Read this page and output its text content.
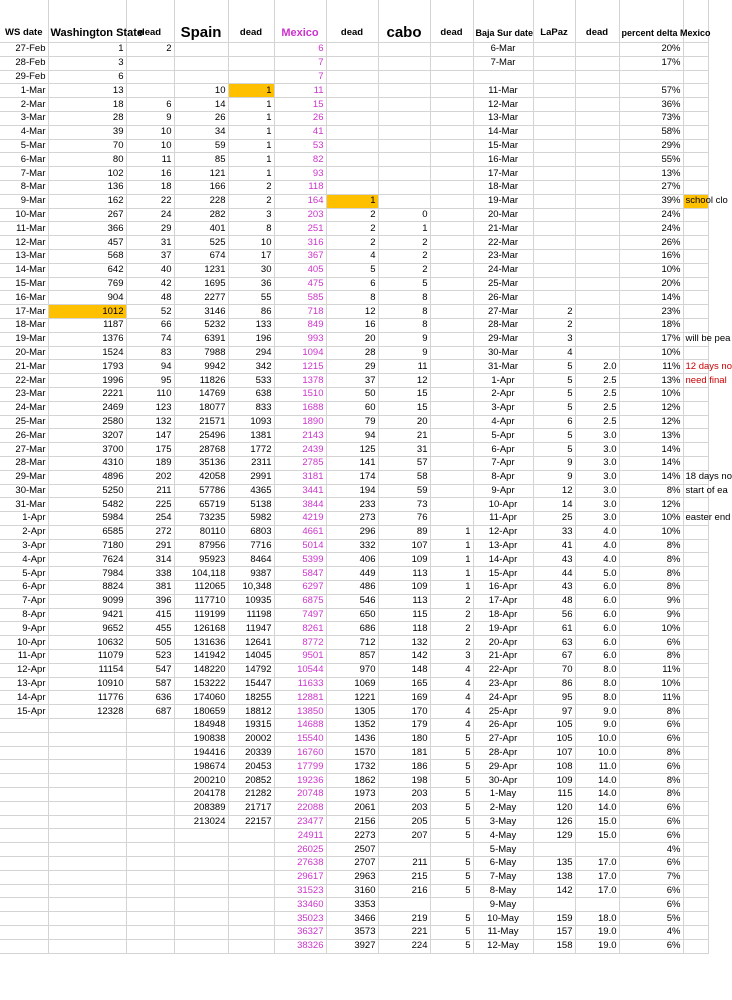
WS date	Washington State	dead	Spain	dead	Mexico	dead	cabo	dead	Baja Sur date	LaPaz	dead	percent delta Mexico	
27-Feb	1	2			6				6-Mar			20%	
28-Feb	3				7				7-Mar			17%	
29-Feb	6				7								
1-Mar	13		10	1	11				11-Mar			57%	
2-Mar	18	6	14	1	15				12-Mar			36%	
3-Mar	28	9	26	1	26				13-Mar			73%	
4-Mar	39	10	34	1	41				14-Mar			58%	
5-Mar	70	10	59	1	53				15-Mar			29%	
6-Mar	80	11	85	1	82				16-Mar			55%	
7-Mar	102	16	121	1	93				17-Mar			13%	
8-Mar	136	18	166	2	118				18-Mar			27%	
9-Mar	162	22	228	2	164	1			19-Mar			39%	school clo
10-Mar	267	24	282	3	203	2	0		20-Mar			24%	
11-Mar	366	29	401	8	251	2	1		21-Mar			24%	
12-Mar	457	31	525	10	316	2	2		22-Mar			26%	
13-Mar	568	37	674	17	367	4	2		23-Mar			16%	
14-Mar	642	40	1231	30	405	5	2		24-Mar			10%	
15-Mar	769	42	1695	36	475	6	5		25-Mar			20%	
16-Mar	904	48	2277	55	585	8	8		26-Mar			14%	
17-Mar	1012	52	3146	86	718	12	8		27-Mar	2		23%	
18-Mar	1187	66	5232	133	849	16	8		28-Mar	2		18%	
19-Mar	1376	74	6391	196	993	20	9		29-Mar	3		17%	will be pea
20-Mar	1524	83	7988	294	1094	28	9		30-Mar	4		10%	
21-Mar	1793	94	9942	342	1215	29	11		31-Mar	5	2.0	11%	12 days no
22-Mar	1996	95	11826	533	1378	37	12		1-Apr	5	2.5	13%	need final
23-Mar	2221	110	14769	638	1510	50	15		2-Apr	5	2.5	10%	
24-Mar	2469	123	18077	833	1688	60	15		3-Apr	5	2.5	12%	
25-Mar	2580	132	21571	1093	1890	79	20		4-Apr	6	2.5	12%	
26-Mar	3207	147	25496	1381	2143	94	21		5-Apr	5	3.0	13%	
27-Mar	3700	175	28768	1772	2439	125	31		6-Apr	5	3.0	14%	
28-Mar	4310	189	35136	2311	2785	141	57		7-Apr	9	3.0	14%	
29-Mar	4896	202	42058	2991	3181	174	58		8-Apr	9	3.0	14%	18 days no
30-Mar	5250	211	57786	4365	3441	194	59		9-Apr	12	3.0	8%	start of ea
31-Mar	5482	225	65719	5138	3844	233	73		10-Apr	14	3.0	12%	
1-Apr	5984	254	73235	5982	4219	273	76		11-Apr	25	3.0	10%	easter end
2-Apr	6585	272	80110	6803	4661	296	89	1	12-Apr	33	4.0	10%	
3-Apr	7180	291	87956	7716	5014	332	107	1	13-Apr	41	4.0	8%	
4-Apr	7624	314	95923	8464	5399	406	109	1	14-Apr	43	4.0	8%	
5-Apr	7984	338	104,118	9387	5847	449	113	1	15-Apr	44	5.0	8%	
6-Apr	8824	381	112065	10,348	6297	486	109	1	16-Apr	43	6.0	8%	
7-Apr	9099	396	117710	10935	6875	546	113	2	17-Apr	48	6.0	9%	
8-Apr	9421	415	119199	11198	7497	650	115	2	18-Apr	56	6.0	9%	
9-Apr	9652	455	126168	11947	8261	686	118	2	19-Apr	61	6.0	10%	
10-Apr	10632	505	131636	12641	8772	712	132	2	20-Apr	63	6.0	6%	
11-Apr	11079	523	141942	14045	9501	857	142	3	21-Apr	67	6.0	8%	
12-Apr	11154	547	148220	14792	10544	970	148	4	22-Apr	70	8.0	11%	
13-Apr	10910	587	153222	15447	11633	1069	165	4	23-Apr	86	8.0	10%	
14-Apr	11776	636	174060	18255	12881	1221	169	4	24-Apr	95	8.0	11%	
15-Apr	12328	687	180659	18812	13850	1305	170	4	25-Apr	97	9.0	8%	
			184948	19315	14688	1352	179	4	26-Apr	105	9.0	6%	
			190838	20002	15540	1436	180	5	27-Apr	105	10.0	6%	
			194416	20339	16760	1570	181	5	28-Apr	107	10.0	8%	
			198674	20453	17799	1732	186	5	29-Apr	108	11.0	6%	
			200210	20852	19236	1862	198	5	30-Apr	109	14.0	8%	
			204178	21282	20748	1973	203	5	1-May	115	14.0	8%	
			208389	21717	22088	2061	203	5	2-May	120	14.0	6%	
			213024	22157	23477	2156	205	5	3-May	126	15.0	6%	
					24911	2273	207	5	4-May	129	15.0	6%	
					26025	2507			5-May			4%	
					27638	2707	211	5	6-May	135	17.0	6%	
					29617	2963	215	5	7-May	138	17.0	7%	
					31523	3160	216	5	8-May	142	17.0	6%	
					33460	3353			9-May			6%	
					35023	3466	219	5	10-May	159	18.0	5%	
					36327	3573	221	5	11-May	157	19.0	4%	
					38326	3927	224	5	12-May	158	19.0	6%	
